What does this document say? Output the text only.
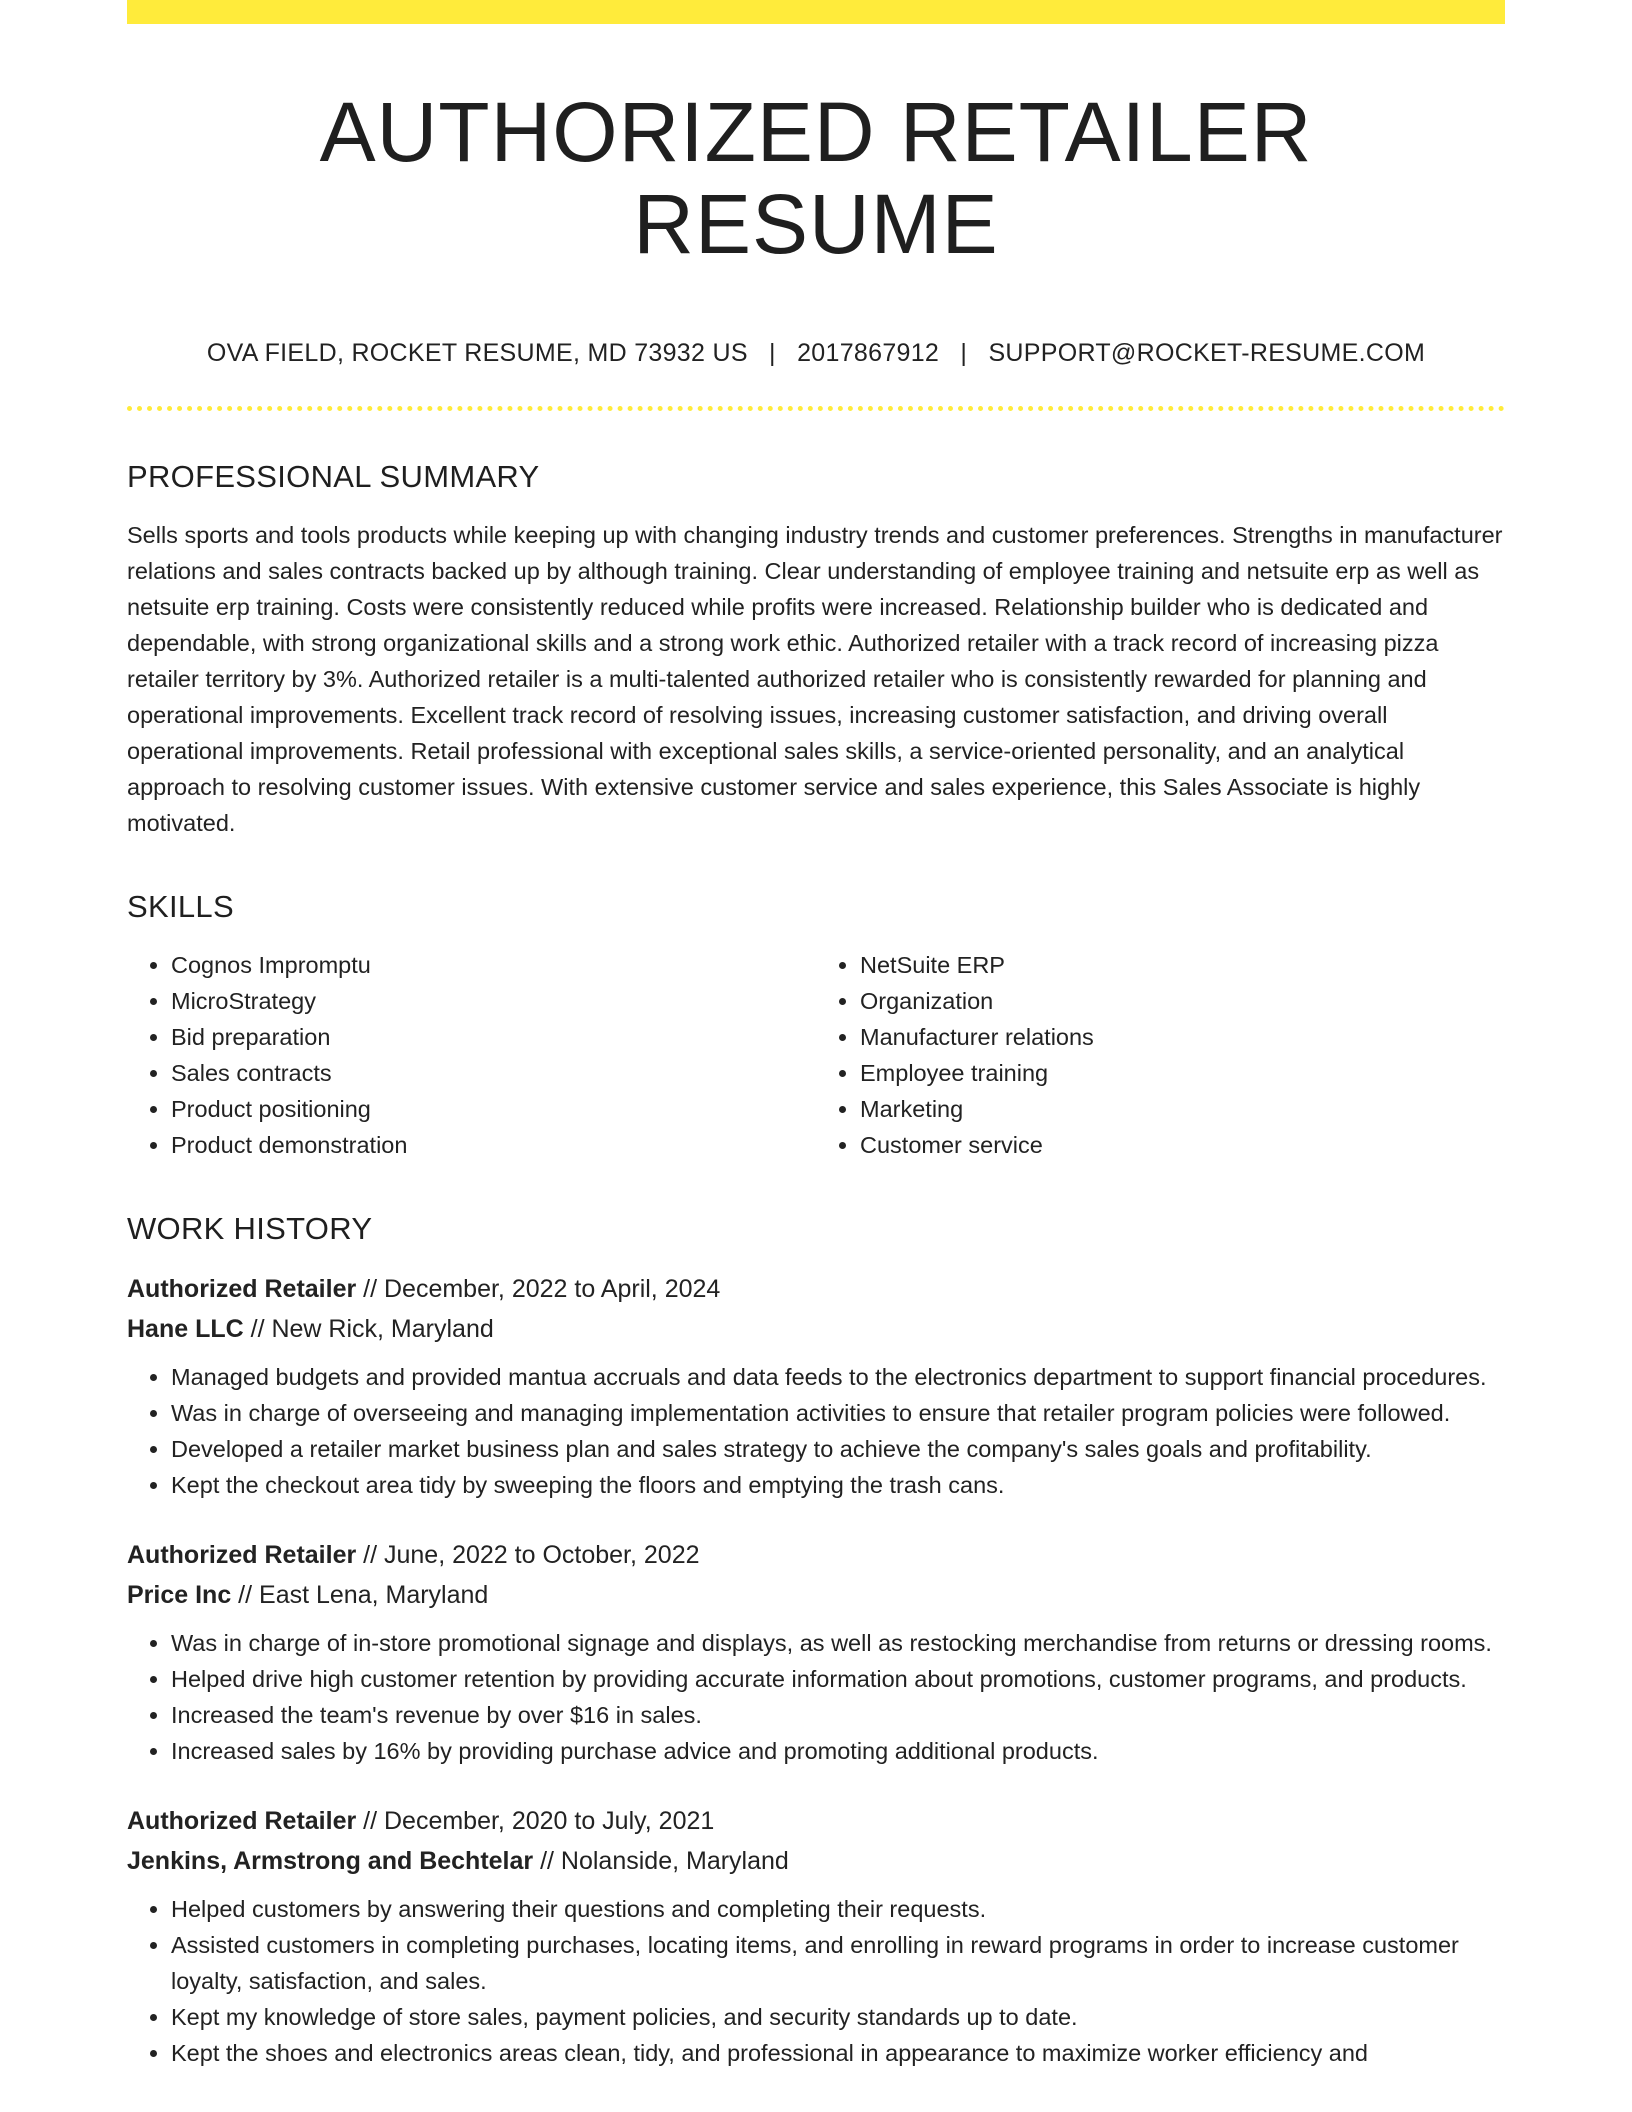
AUTHORIZED RETAILER RESUME
OVA FIELD, ROCKET RESUME, MD 73932 US | 2017867912 | SUPPORT@ROCKET-RESUME.COM
PROFESSIONAL SUMMARY

Sells sports and tools products while keeping up with changing industry trends and customer preferences. Strengths in manufacturer relations and sales contracts backed up by although training. Clear understanding of employee training and netsuite erp as well as netsuite erp training. Costs were consistently reduced while profits were increased. Relationship builder who is dedicated and dependable, with strong organizational skills and a strong work ethic. Authorized retailer with a track record of increasing pizza retailer territory by 3%. Authorized retailer is a multi-talented authorized retailer who is consistently rewarded for planning and operational improvements. Excellent track record of resolving issues, increasing customer satisfaction, and driving overall operational improvements. Retail professional with exceptional sales skills, a service-oriented personality, and an analytical approach to resolving customer issues. With extensive customer service and sales experience, this Sales Associate is highly motivated.

SKILLS
• Cognos Impromptu
• MicroStrategy
• Bid preparation
• Sales contracts
• Product positioning
• Product demonstration
• NetSuite ERP
• Organization
• Manufacturer relations
• Employee training
• Marketing
• Customer service
WORK HISTORY
Authorized Retailer // December, 2022 to April, 2024
Hane LLC // New Rick, Maryland
• Managed budgets and provided mantua accruals and data feeds to the electronics department to support financial procedures.
• Was in charge of overseeing and managing implementation activities to ensure that retailer program policies were followed.
• Developed a retailer market business plan and sales strategy to achieve the company's sales goals and profitability.
• Kept the checkout area tidy by sweeping the floors and emptying the trash cans.
Authorized Retailer // June, 2022 to October, 2022
Price Inc // East Lena, Maryland
• Was in charge of in-store promotional signage and displays, as well as restocking merchandise from returns or dressing rooms.
• Helped drive high customer retention by providing accurate information about promotions, customer programs, and products.
• Increased the team's revenue by over $16 in sales.
• Increased sales by 16% by providing purchase advice and promoting additional products.
Authorized Retailer // December, 2020 to July, 2021
Jenkins, Armstrong and Bechtelar // Nolanside, Maryland
• Helped customers by answering their questions and completing their requests.
• Assisted customers in completing purchases, locating items, and enrolling in reward programs in order to increase customer loyalty, satisfaction, and sales.
• Kept my knowledge of store sales, payment policies, and security standards up to date.
• Kept the shoes and electronics areas clean, tidy, and professional in appearance to maximize worker efficiency and
